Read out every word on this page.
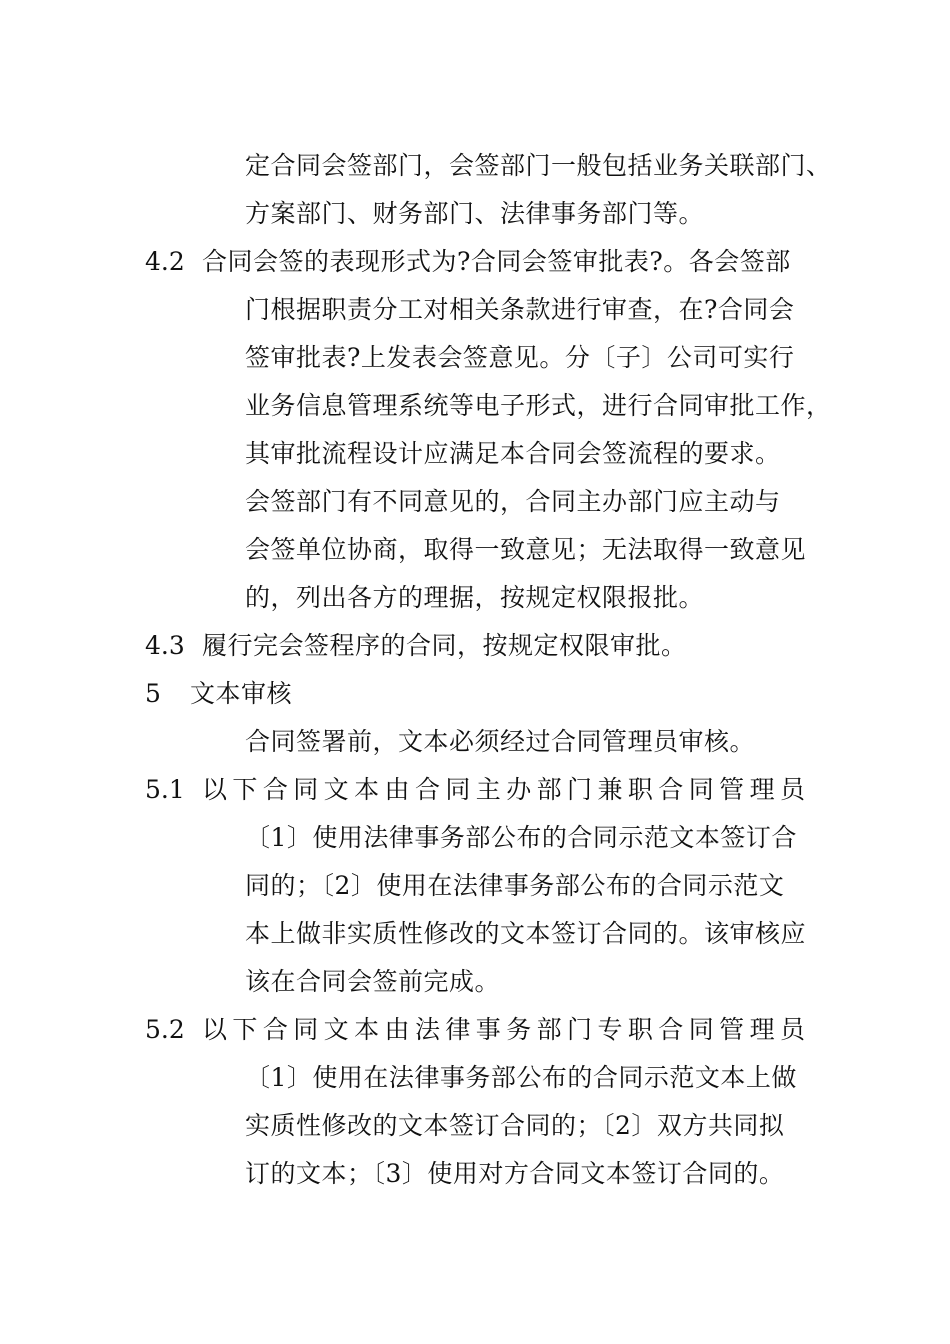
定合同会签部门，会签部门一般包括业务关联部门、
方案部门、财务部门、法律事务部门等。
4.2 合同会签的表现形式为?合同会签审批表?。各会签部
门根据职责分工对相关条款进行审查，在?合同会
签审批表?上发表会签意见。分〔子〕公司可实行
业务信息管理系统等电子形式，进行合同审批工作，
其审批流程设计应满足本合同会签流程的要求。
会签部门有不同意见的，合同主办部门应主动与
会签单位协商，取得一致意见；无法取得一致意见
的，列出各方的理据，按规定权限报批。
4.3 履行完会签程序的合同，按规定权限审批。
5 文本审核
合同签署前，文本必须经过合同管理员审核。
5.1 以下合同文本由合同主办部门兼职合同管理员
〔1〕使用法律事务部公布的合同示范文本签订合
同的；〔2〕使用在法律事务部公布的合同示范文
本上做非实质性修改的文本签订合同的。该审核应
该在合同会签前完成。
5.2 以下合同文本由法律事务部门专职合同管理员
〔1〕使用在法律事务部公布的合同示范文本上做
实质性修改的文本签订合同的；〔2〕双方共同拟
订的文本；〔3〕使用对方合同文本签订合同的。
